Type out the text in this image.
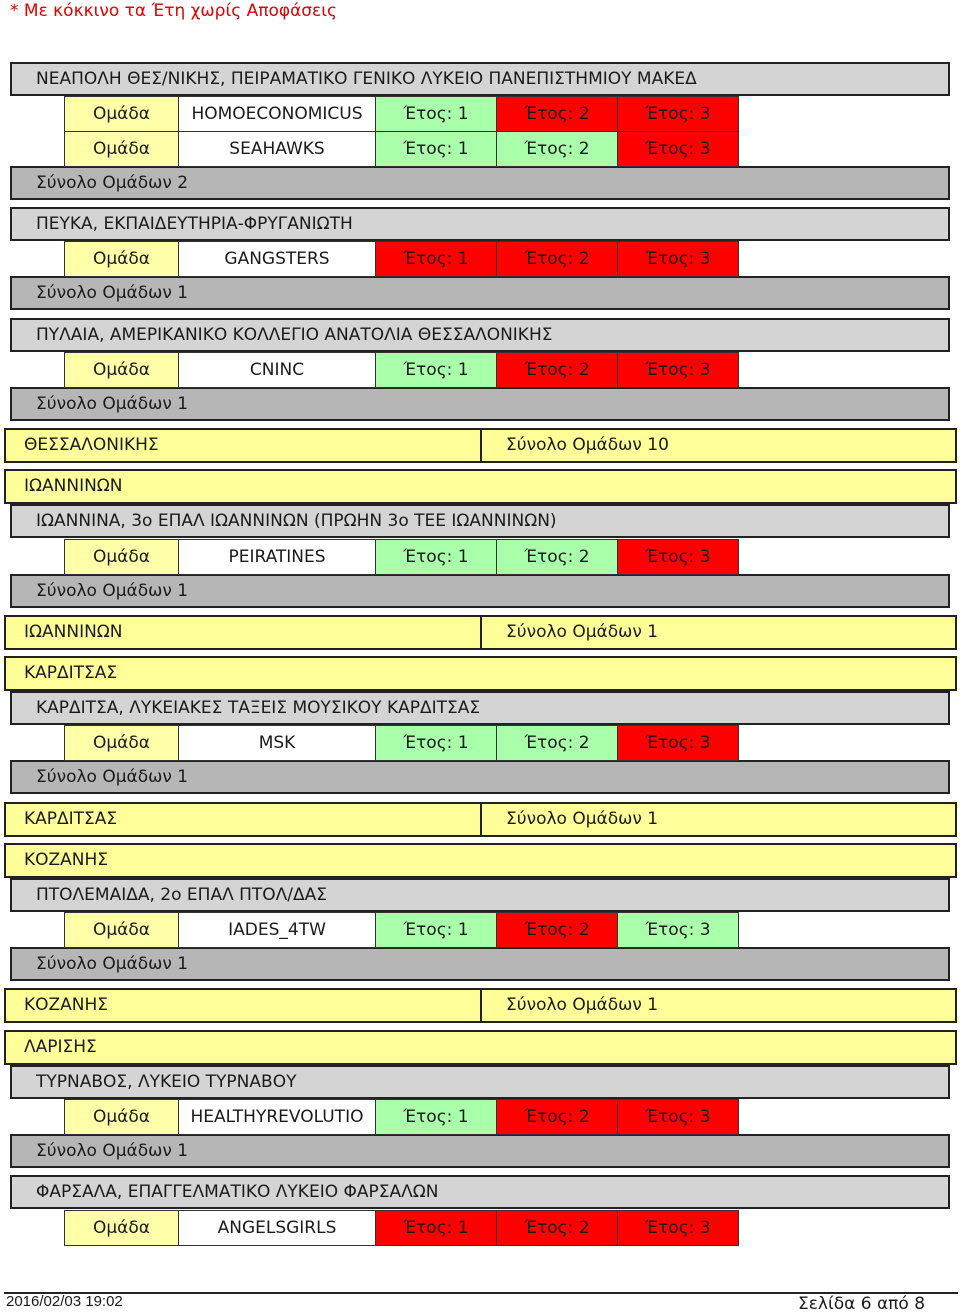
* Με κόκκινο τα Έτη χωρίς Αποφάσεις
ΝΕΑΠΟΛΗ ΘΕΣ/ΝΙΚΗΣ, ΠΕΙΡΑΜΑΤΙΚΟ ΓΕΝΙΚΟ ΛΥΚΕΙΟ ΠΑΝΕΠΙΣΤΗΜΙΟΥ ΜΑΚΕΔ
Σύνολο Ομάδων 2
ΠΕΥΚΑ, ΕΚΠΑΙΔΕΥΤΗΡΙΑ-ΦΡΥΓΑΝΙΩΤΗ
Σύνολο Ομάδων 1
ΠΥΛΑΙΑ, ΑΜΕΡΙΚΑΝΙΚΟ ΚΟΛΛΕΓΙΟ ΑΝΑΤΟΛΙΑ ΘΕΣΣΑΛΟΝΙΚΗΣ
Σύνολο Ομάδων 1
ΘΕΣΣΑΛΟΝΙΚΗΣ	Σύνολο Ομάδων 10
ΙΩΑΝΝΙΝΩΝ
ΙΩΑΝΝΙΝΑ, 3ο ΕΠΑΛ ΙΩΑΝΝΙΝΩΝ (ΠΡΩΗΝ 3ο ΤΕΕ ΙΩΑΝΝΙΝΩΝ)
Σύνολο Ομάδων 1
ΙΩΑΝΝΙΝΩΝ	Σύνολο Ομάδων 1
ΚΑΡΔΙΤΣΑΣ
ΚΑΡΔΙΤΣΑ, ΛΥΚΕΙΑΚΕΣ ΤΑΞΕΙΣ ΜΟΥΣΙΚΟΥ ΚΑΡΔΙΤΣΑΣ
Σύνολο Ομάδων 1
ΚΑΡΔΙΤΣΑΣ	Σύνολο Ομάδων 1
ΚΟΖΑΝΗΣ
ΠΤΟΛΕΜΑΙΔΑ, 2ο ΕΠΑΛ ΠΤΟΛ/ΔΑΣ
Σύνολο Ομάδων 1
ΚΟΖΑΝΗΣ	Σύνολο Ομάδων 1
ΛΑΡΙΣΗΣ
ΤΥΡΝΑΒΟΣ, ΛΥΚΕΙΟ ΤΥΡΝΑΒΟΥ
Σύνολο Ομάδων 1
ΦΑΡΣΑΛΑ, ΕΠΑΓΓΕΛΜΑΤΙΚΟ ΛΥΚΕΙΟ ΦΑΡΣΑΛΩΝ
2016/02/03 19:02	Σελίδα 6 από 8
Ομάδα	HOMOECONOMICUS	Έτος: 1	Έτος: 2	Έτος: 3
Ομάδα	SEAHAWKS	Έτος: 1	Έτος: 2	Έτος: 3
Ομάδα	GANGSTERS	Έτος: 1	Έτος: 2	Έτος: 3
Ομάδα	CNINC	Έτος: 1	Έτος: 2	Έτος: 3
Ομάδα	PEIRATINES	Έτος: 1	Έτος: 2	Έτος: 3
Ομάδα	MSK	Έτος: 1	Έτος: 2	Έτος: 3
Ομάδα	IADES_4TW	Έτος: 1	Έτος: 2	Έτος: 3
Ομάδα	HEALTHYREVOLUTIO	Έτος: 1	Έτος: 2	Έτος: 3
Ομάδα	ANGELSGIRLS	Έτος: 1	Έτος: 2	Έτος: 3
